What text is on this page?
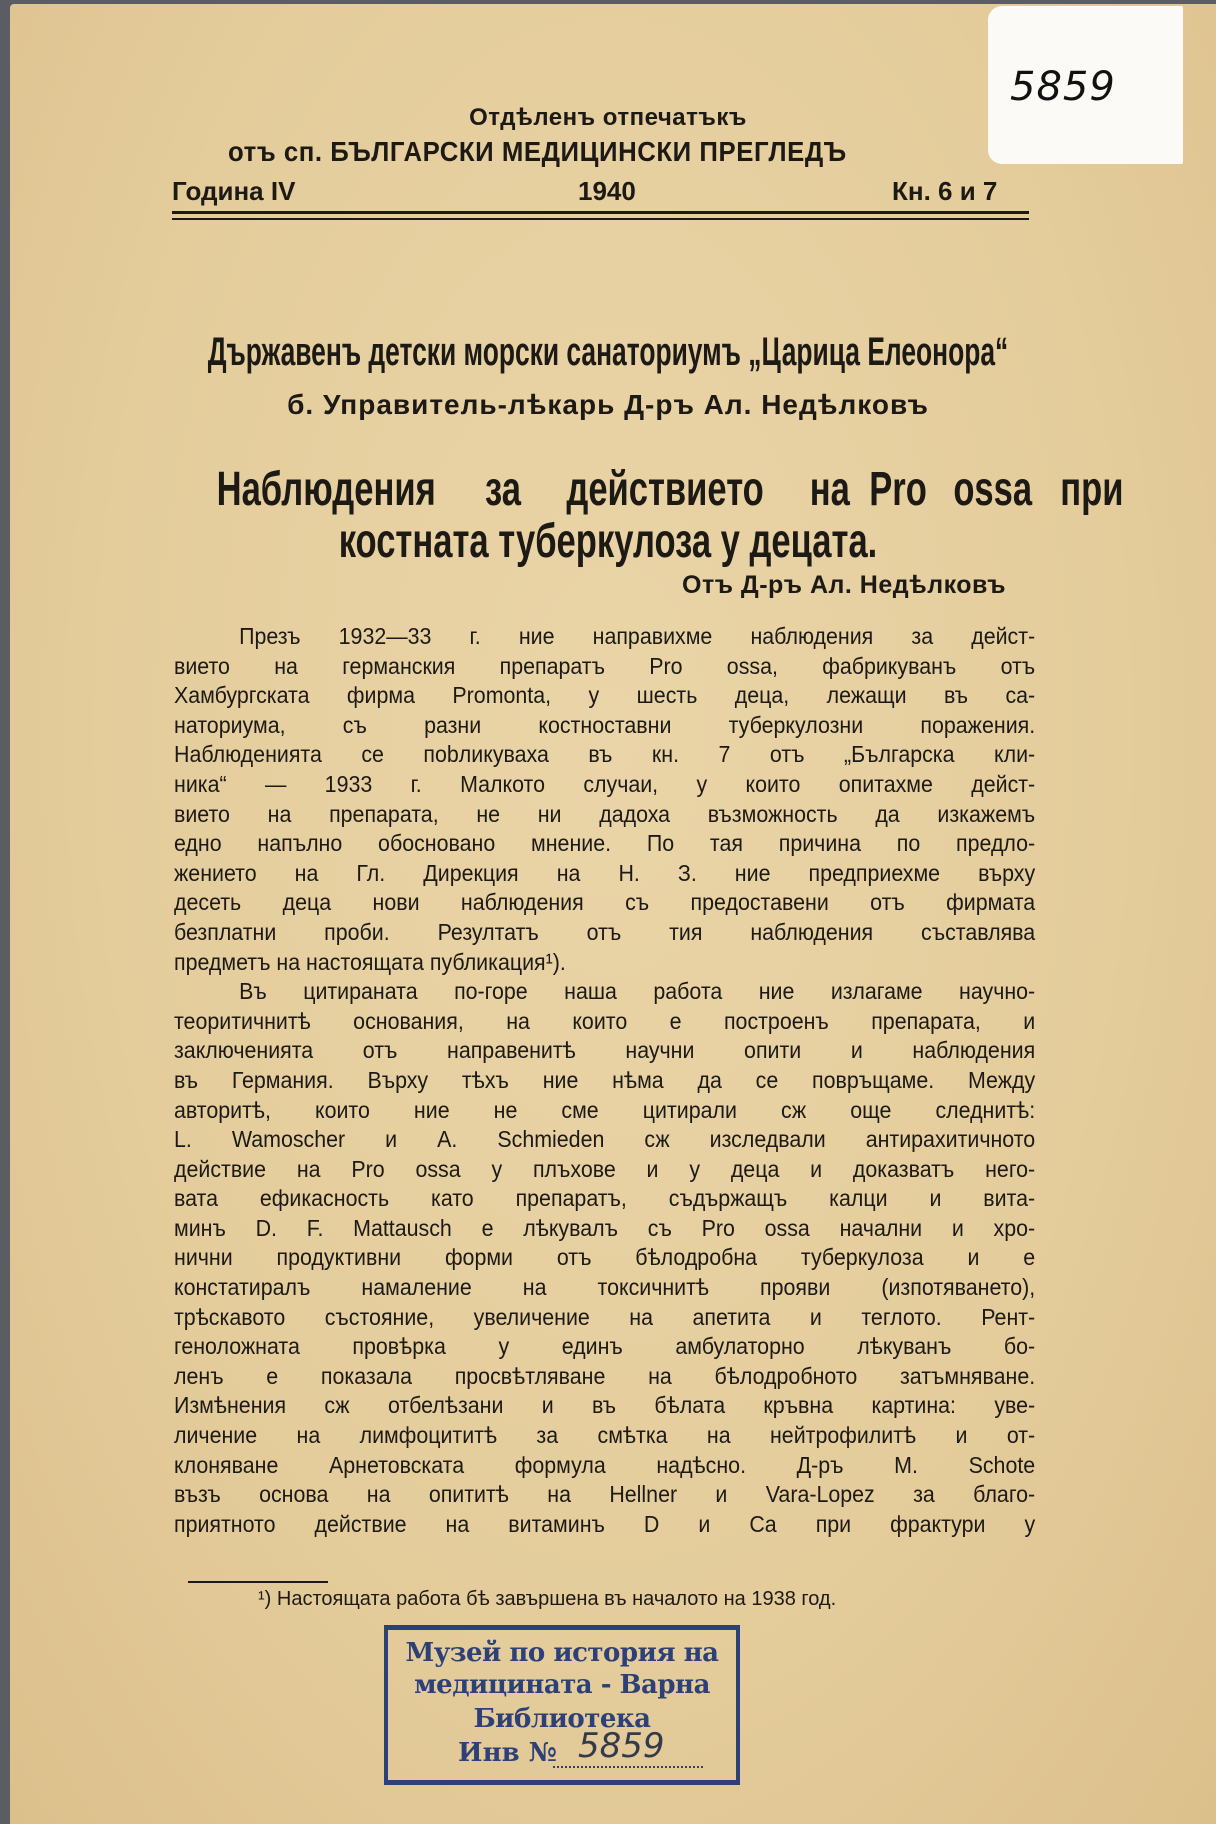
5859
Отдѣленъ отпечатъкъ
отъ сп. БЪЛГАРСКИ МЕДИЦИНСКИ ПРЕГЛЕДЪ
Година IV	1940	Кн. 6 и 7
Държавенъ детски морски санаториумъ „Царица Елеонора“
б. Управитель-лѣкарь Д-ръ Ал. Недѣлковъ
Наблюдения за действието на Pro ossa при
костната туберкулоза у децата.
Отъ Д-ръ Ал. Недѣлковъ
Презъ 1932—33 г. ние направихме наблюдения за дейст-
вието на германския препаратъ Pro ossa, фабрикуванъ отъ
Хамбургската фирма Promonta, у шесть деца, лежащи въ са-
наториума, съ разни костноставни туберкулозни поражения.
Наблюденията се пobликуваха въ кн. 7 отъ „Българска кли-
ника“ — 1933 г. Малкото случаи, у които опитахме дейст-
вието на препарата, не ни дадоха възможность да изкажемъ
едно напълно обосновано мнение. По тая причина по предло-
жението на Гл. Дирекция на Н. З. ние предприехме върху
десеть деца нови наблюдения съ предоставени отъ фирмата
безплатни проби. Резултатъ отъ тия наблюдения съставлява
предметъ на настоящата публикация¹).
Въ цитираната по-горе наша работа ние излагаме научно-
теоритичнитѣ основания, на които е построенъ препарата, и
заключенията отъ направенитѣ научни опити и наблюдения
въ Германия. Върху тѣхъ ние нѣма да се повръщаме. Между
авторитѣ, които ние не сме цитирали сж още следнитѣ:
L. Wamoscher и A. Schmieden сж изследвали антирахитичното
действие на Pro ossa у плъхове и у деца и доказватъ него-
вата ефикасность като препаратъ, съдържащъ калци и вита-
минъ D. F. Mattausch е лѣкувалъ съ Pro ossa начални и хро-
нични продуктивни форми отъ бѣлодробна туберкулоза и е
констатиралъ намаление на токсичнитѣ прояви (изпотяването),
трѣскавото състояние, увеличение на апетита и теглото. Рент-
геноложната провѣрка у единъ амбулаторно лѣкуванъ бо-
ленъ е показала просвѣтляване на бѣлодробното затъмняване.
Измѣнения сж отбелѣзани и въ бѣлата кръвна картина: уве-
личение на лимфоцититѣ за смѣтка на нейтрофилитѣ и от-
клоняване Арнетовската формула надѣсно. Д-ръ M. Schote
възъ основа на опититѣ на Hellner и Vara-Lopez за благо-
приятното действие на витаминъ D и Ca при фрактури у
¹) Настоящата работа бѣ завършена въ началото на 1938 год.
Музей по история на
медицината - Варна
Библиотека
Инв № 5859
